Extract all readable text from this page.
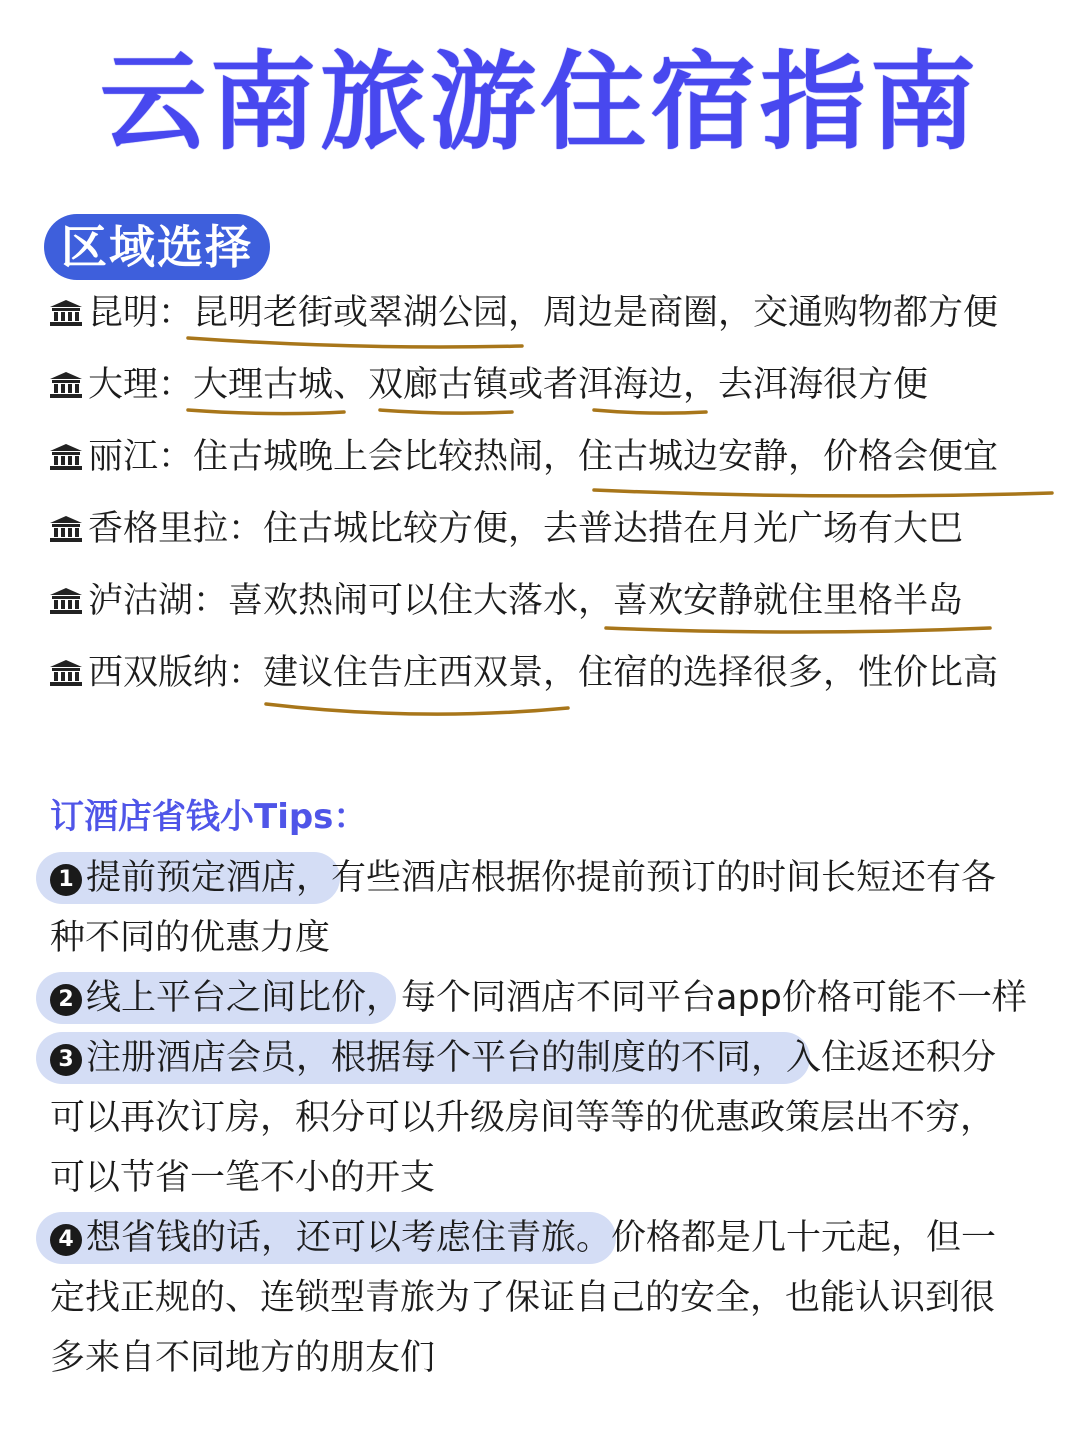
云南旅游住宿指南
区域选择
昆明： 昆明老街或翠湖公园，周边是商圈，交通购物都方便
大理： 大理古城、双廊古镇或者洱海边，去洱海很方便
丽江： 住古城晚上会比较热闹，住古城边安静，价格会便宜
香格里拉： 住古城比较方便，去普达措在月光广场有大巴
泸沽湖： 喜欢热闹可以住大落水，喜欢安静就住里格半岛
西双版纳： 建议住告庄西双景，住宿的选择很多，性价比高
订酒店省钱小Tips：
1 提前预定酒店，有些酒店根据你提前预订的时间长短还有各
种不同的优惠力度
2 线上平台之间比价，每个同酒店不同平台app价格可能不一样
3 注册酒店会员，根据每个平台的制度的不同，入住返还积分
可以再次订房，积分可以升级房间等等的优惠政策层出不穷，
可以节省一笔不小的开支
4 想省钱的话，还可以考虑住青旅。价格都是几十元起，但一
定找正规的、连锁型青旅为了保证自己的安全，也能认识到很
多来自不同地方的朋友们
